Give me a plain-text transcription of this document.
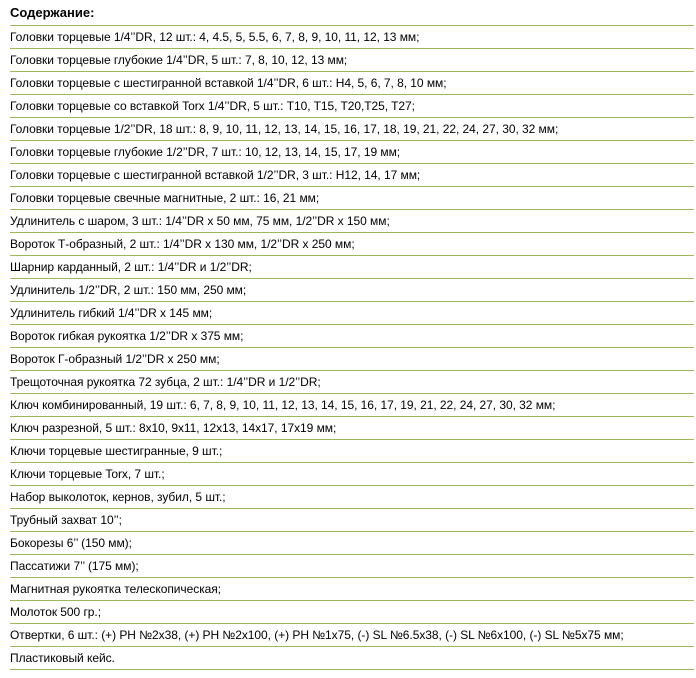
Содержание:
Головки торцевые 1/4’’DR, 12 шт.: 4, 4.5, 5, 5.5, 6, 7, 8, 9, 10, 11, 12, 13 мм;
Головки торцевые глубокие 1/4’’DR, 5 шт.: 7, 8, 10, 12, 13 мм;
Головки торцевые с шестигранной вставкой 1/4’’DR, 6 шт.: H4, 5, 6, 7, 8, 10 мм;
Головки торцевые со вставкой Torx 1/4’’DR, 5 шт.: T10, T15, T20,T25, T27;
Головки торцевые 1/2’’DR, 18 шт.: 8, 9, 10, 11, 12, 13, 14, 15, 16, 17, 18, 19, 21, 22, 24, 27, 30, 32 мм;
Головки торцевые глубокие 1/2’’DR, 7 шт.: 10, 12, 13, 14, 15, 17, 19 мм;
Головки торцевые с шестигранной вставкой 1/2’’DR, 3 шт.: H12, 14, 17 мм;
Головки торцевые свечные магнитные, 2 шт.: 16, 21 мм;
Удлинитель с шаром, 3 шт.: 1/4’’DR x 50 мм, 75 мм, 1/2’’DR x 150 мм;
Вороток Т-образный, 2 шт.: 1/4’’DR x 130 мм, 1/2’’DR x 250 мм;
Шарнир карданный, 2 шт.: 1/4’’DR и 1/2’’DR;
Удлинитель 1/2’’DR, 2 шт.: 150 мм, 250 мм;
Удлинитель гибкий 1/4’’DR x 145 мм;
Вороток гибкая рукоятка 1/2’’DR x 375 мм;
Вороток Г-образный 1/2’’DR x 250 мм;
Трещоточная рукоятка 72 зубца, 2 шт.: 1/4’’DR и 1/2’’DR;
Ключ комбинированный, 19 шт.: 6, 7, 8, 9, 10, 11, 12, 13, 14, 15, 16, 17, 19, 21, 22, 24, 27, 30, 32 мм;
Ключ разрезной, 5 шт.: 8x10, 9x11, 12x13, 14x17, 17x19 мм;
Ключи торцевые шестигранные, 9 шт.;
Ключи торцевые Torx, 7 шт.;
Набор выколоток, кернов, зубил, 5 шт.;
Трубный захват 10’’;
Бокорезы 6’’ (150 мм);
Пассатижи 7’’ (175 мм);
Магнитная рукоятка телескопическая;
Молоток 500 гр.;
Отвертки, 6 шт.: (+) PH №2x38, (+) PH №2x100, (+) PH №1x75, (-) SL №6.5x38, (-) SL №6x100, (-) SL №5x75 мм;
Пластиковый кейс.
